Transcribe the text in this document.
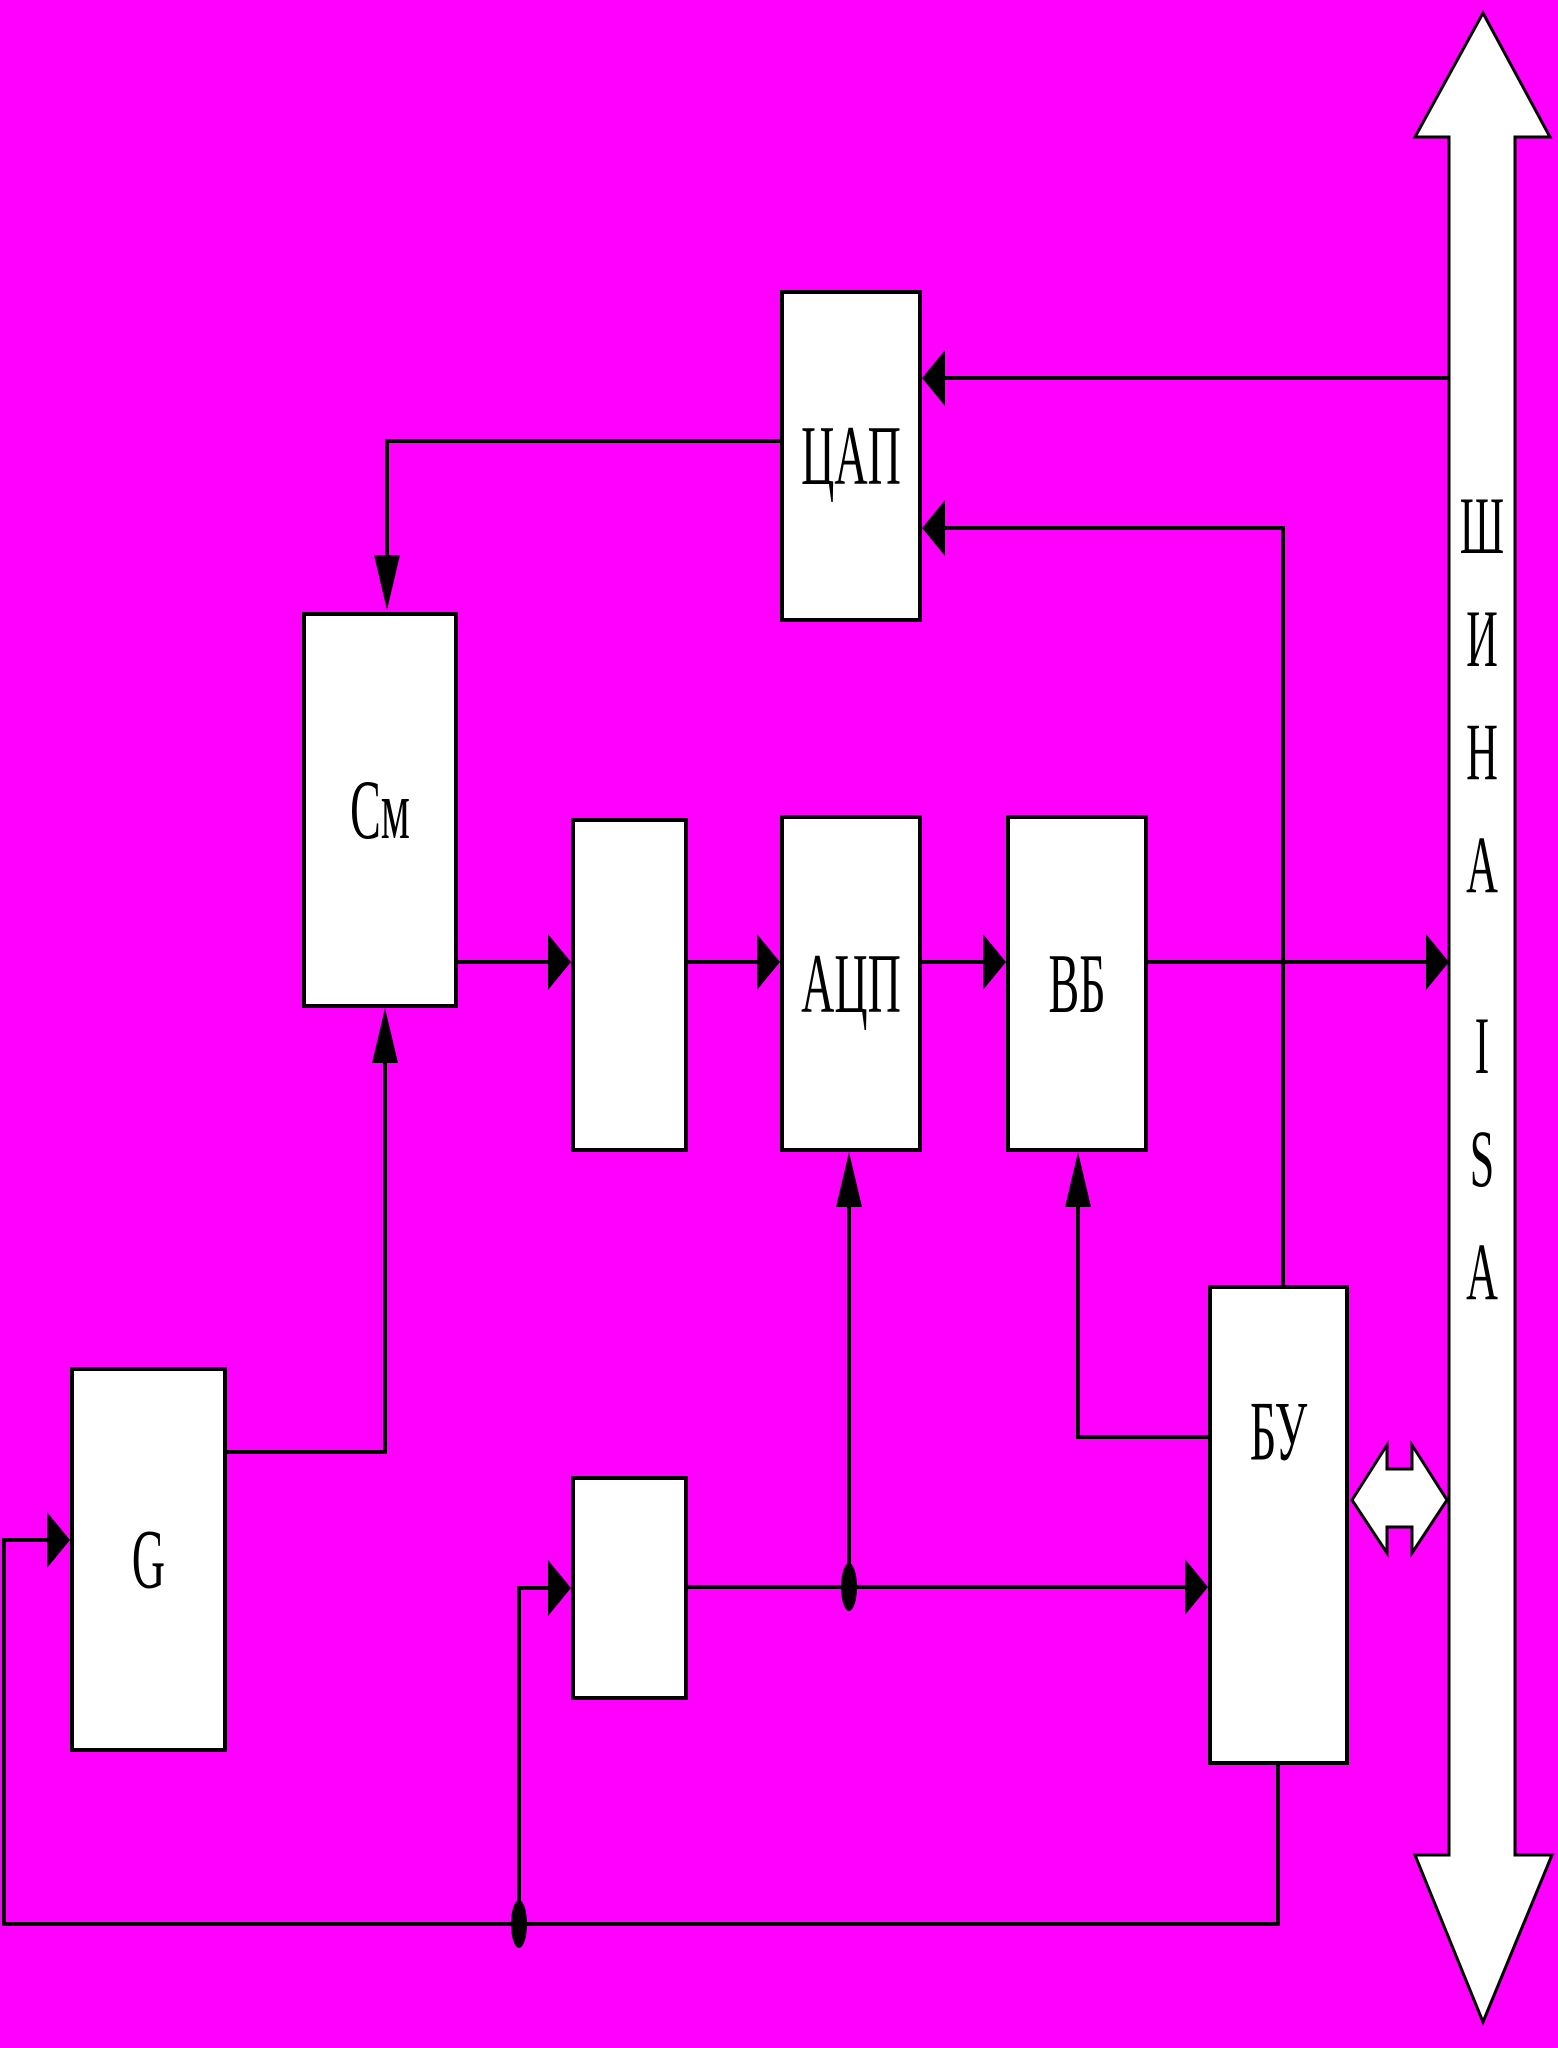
ЦАП
См
АЦП	ВБ
БУ
G
Ш
И
Н
А
I
S
A
